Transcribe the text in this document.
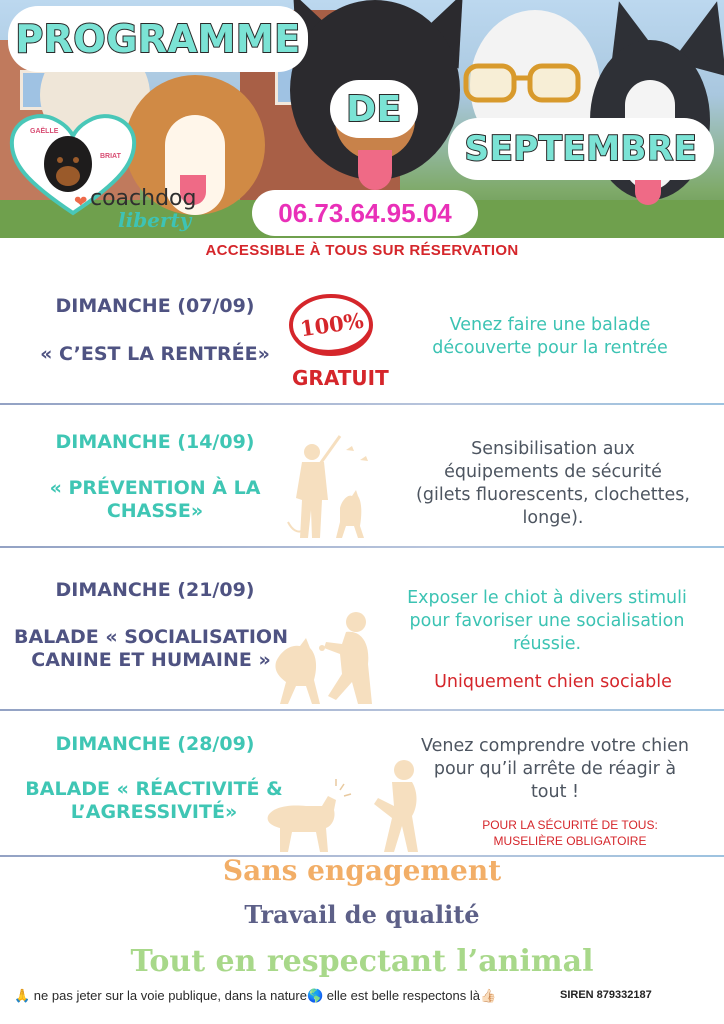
PROGRAMME
DE
SEPTEMBRE
GAËLLE
BRIAT
❤ coachdog
liberty	06.73.64.95.04
ACCESSIBLE À TOUS SUR RÉSERVATION
DIMANCHE (07/09)
« C’EST LA RENTRÉE»
100%
GRATUIT
Venez faire une balade découverte pour la rentrée
DIMANCHE (14/09)
« PRÉVENTION À LA CHASSE»
Sensibilisation aux
équipements de sécurité
(gilets fluorescents, clochettes,
longe).
DIMANCHE (21/09)
BALADE « SOCIALISATION
CANINE ET HUMAINE »
Exposer le chiot à divers stimuli
pour favoriser une socialisation
réussie.
Uniquement chien sociable
DIMANCHE (28/09)
BALADE « RÉACTIVITÉ &
L’AGRESSIVITÉ»
Venez comprendre votre chien
pour qu’il arrête de réagir à
tout !
POUR LA SÉCURITÉ DE TOUS:
MUSELIÈRE OBLIGATOIRE
Sans engagement
Travail de qualité
Tout en respectant l’animal
🙏 ne pas jeter sur la voie publique, dans la nature🌎 elle est belle respectons là👍🏻	SIREN 879332187
